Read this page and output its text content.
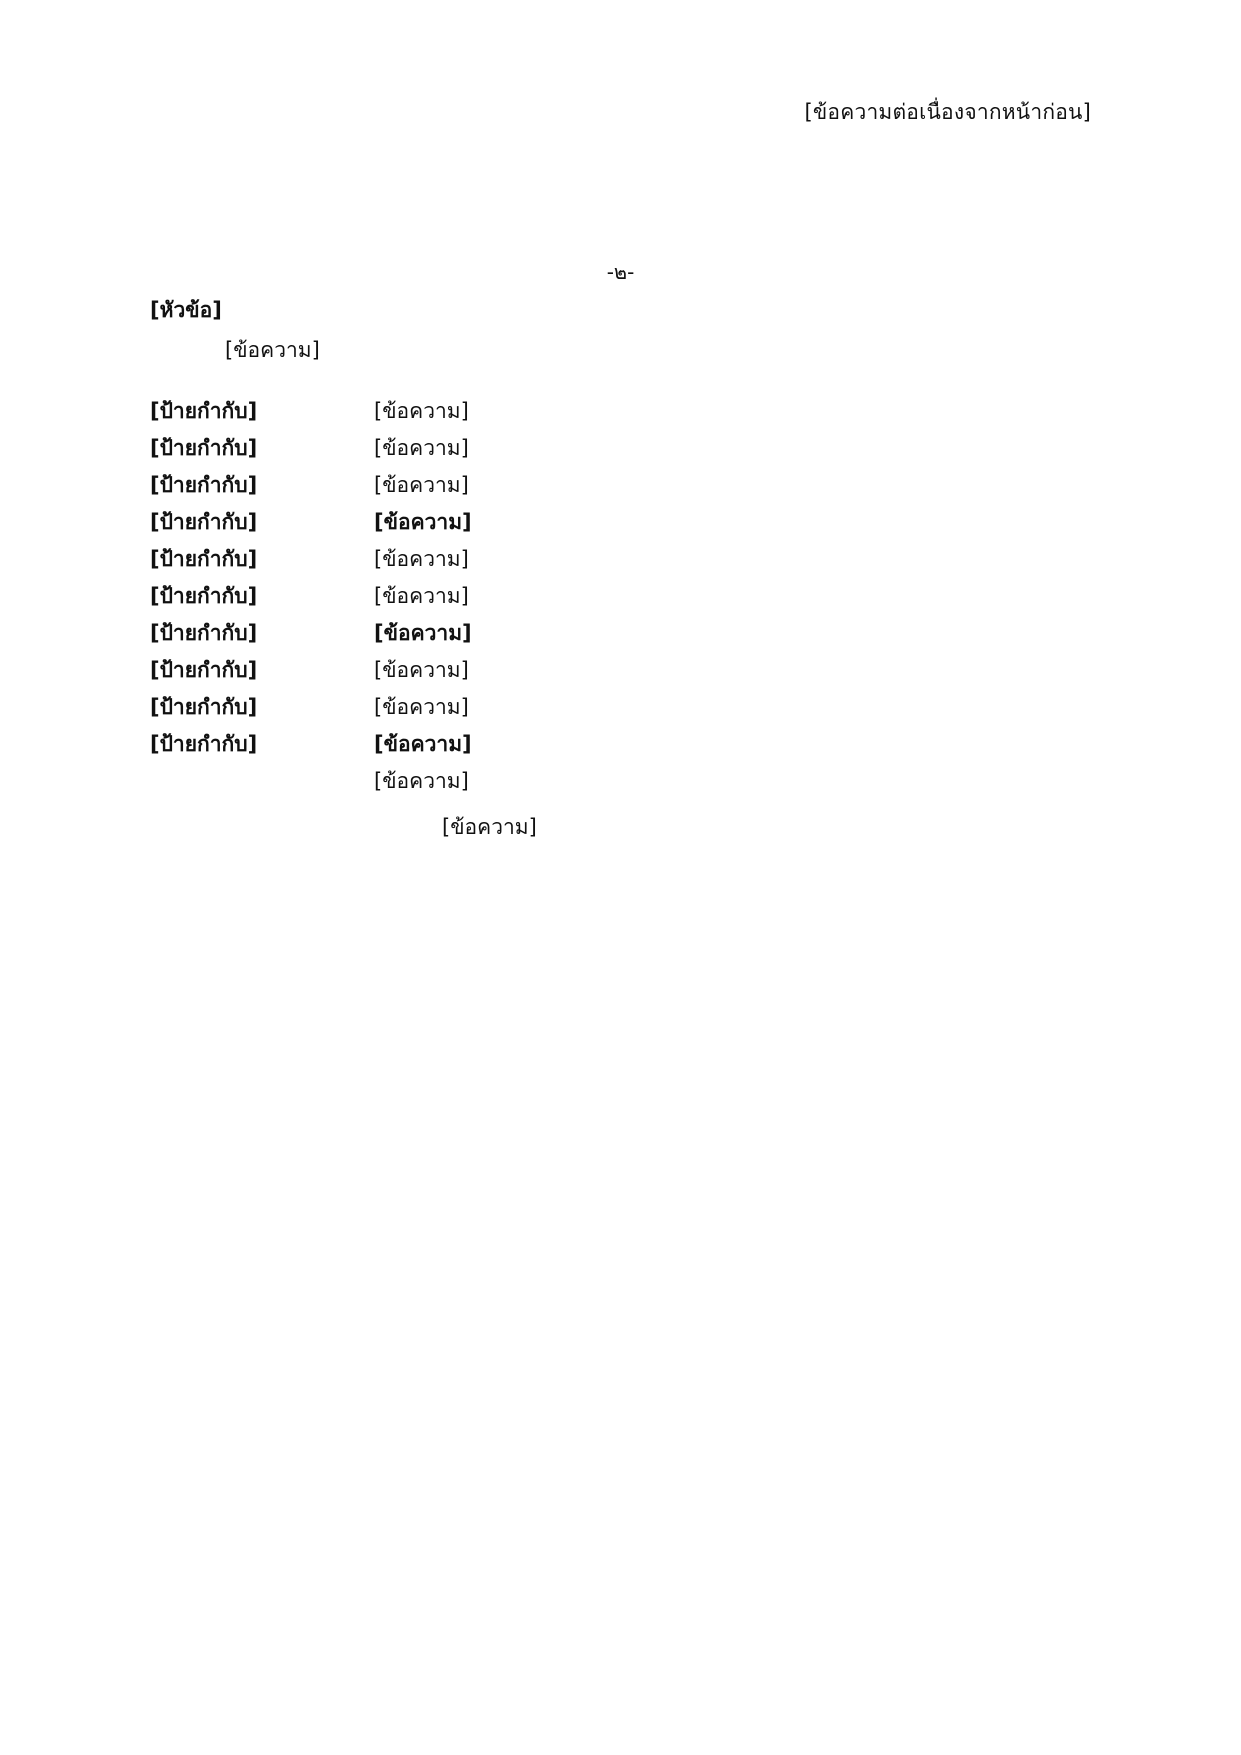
[ข้อความต่อเนื่องจากหน้าก่อน]
-๒-
[หัวข้อ]
[ข้อความ]
[ป้ายกำกับ]	[ข้อความ]
[ป้ายกำกับ]	[ข้อความ]
[ป้ายกำกับ]	[ข้อความ]
[ป้ายกำกับ]	[ข้อความ]
[ป้ายกำกับ]	[ข้อความ]
[ป้ายกำกับ]	[ข้อความ]
[ป้ายกำกับ]	[ข้อความ]
[ป้ายกำกับ]	[ข้อความ]
[ป้ายกำกับ]	[ข้อความ]
[ป้ายกำกับ]	[ข้อความ]

[ข้อความ]

[ข้อความ]
